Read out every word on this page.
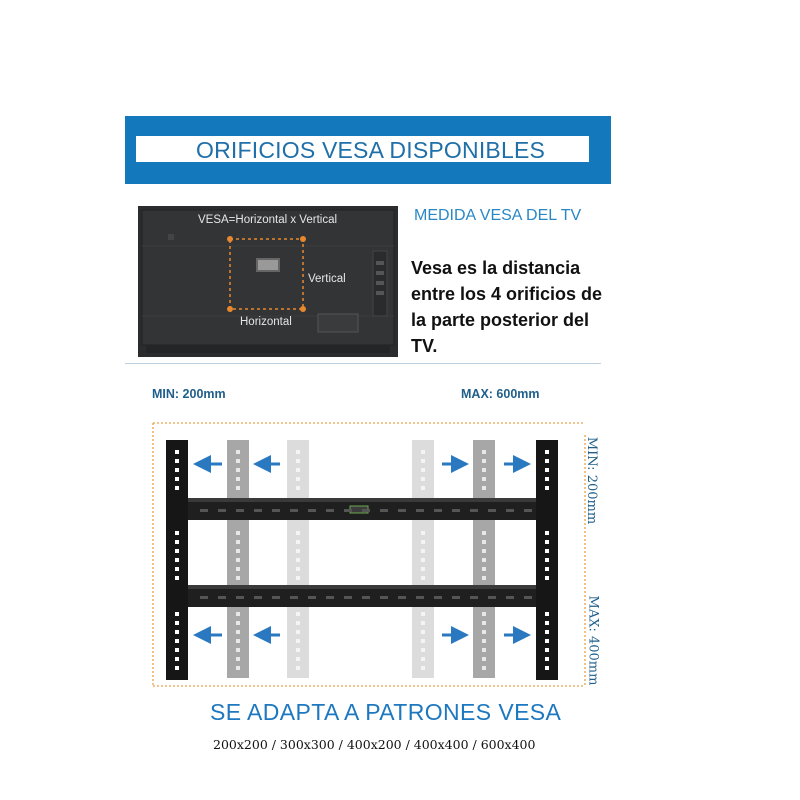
ORIFICIOS VESA DISPONIBLES
VESA=Horizontal x Vertical
Vertical
Horizontal
MEDIDA VESA DEL TV
Vesa es la distancia entre los 4 orificios de la parte posterior del TV.
MIN: 200mm	MAX: 600mm
MIN: 200mm
MAX: 400mm
SE ADAPTA A PATRONES VESA
200x200 / 300x300 / 400x200 / 400x400 / 600x400
